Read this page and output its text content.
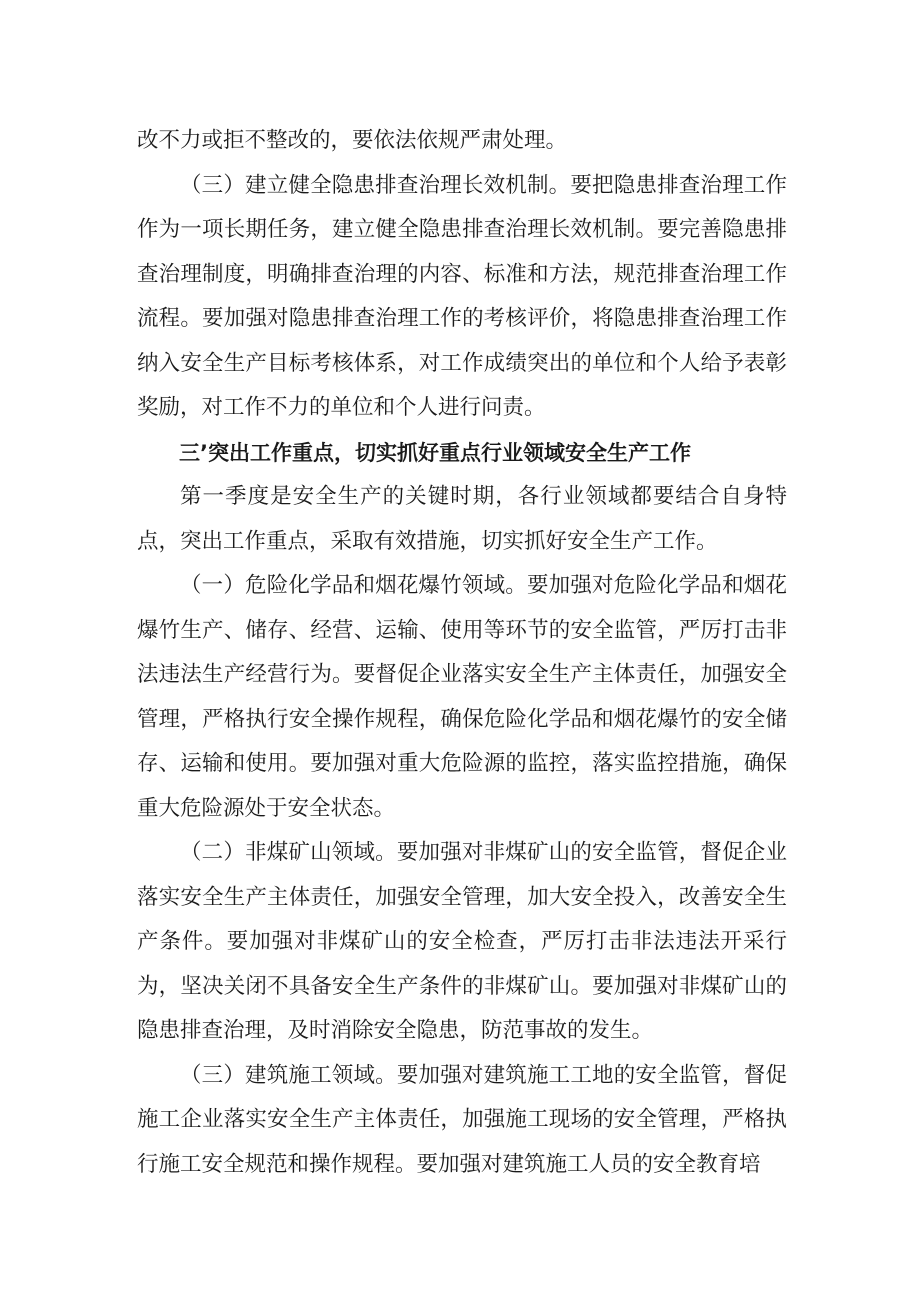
改不力或拒不整改的，要依法依规严肃处理。

（三）建立健全隐患排查治理长效机制。要把隐患排查治理工作作为一项长期任务，建立健全隐患排查治理长效机制。要完善隐患排查治理制度，明确排查治理的内容、标准和方法，规范排查治理工作流程。要加强对隐患排查治理工作的考核评价，将隐患排查治理工作纳入安全生产目标考核体系，对工作成绩突出的单位和个人给予表彰奖励，对工作不力的单位和个人进行问责。

三’突出工作重点，切实抓好重点行业领域安全生产工作

第一季度是安全生产的关键时期，各行业领域都要结合自身特点，突出工作重点，采取有效措施，切实抓好安全生产工作。

（一）危险化学品和烟花爆竹领域。要加强对危险化学品和烟花爆竹生产、储存、经营、运输、使用等环节的安全监管，严厉打击非法违法生产经营行为。要督促企业落实安全生产主体责任，加强安全管理，严格执行安全操作规程，确保危险化学品和烟花爆竹的安全储存、运输和使用。要加强对重大危险源的监控，落实监控措施，确保重大危险源处于安全状态。

（二）非煤矿山领域。要加强对非煤矿山的安全监管，督促企业落实安全生产主体责任，加强安全管理，加大安全投入，改善安全生产条件。要加强对非煤矿山的安全检查，严厉打击非法违法开采行为，坚决关闭不具备安全生产条件的非煤矿山。要加强对非煤矿山的隐患排查治理，及时消除安全隐患，防范事故的发生。

（三）建筑施工领域。要加强对建筑施工工地的安全监管，督促施工企业落实安全生产主体责任，加强施工现场的安全管理，严格执行施工安全规范和操作规程。要加强对建筑施工人员的安全教育培
